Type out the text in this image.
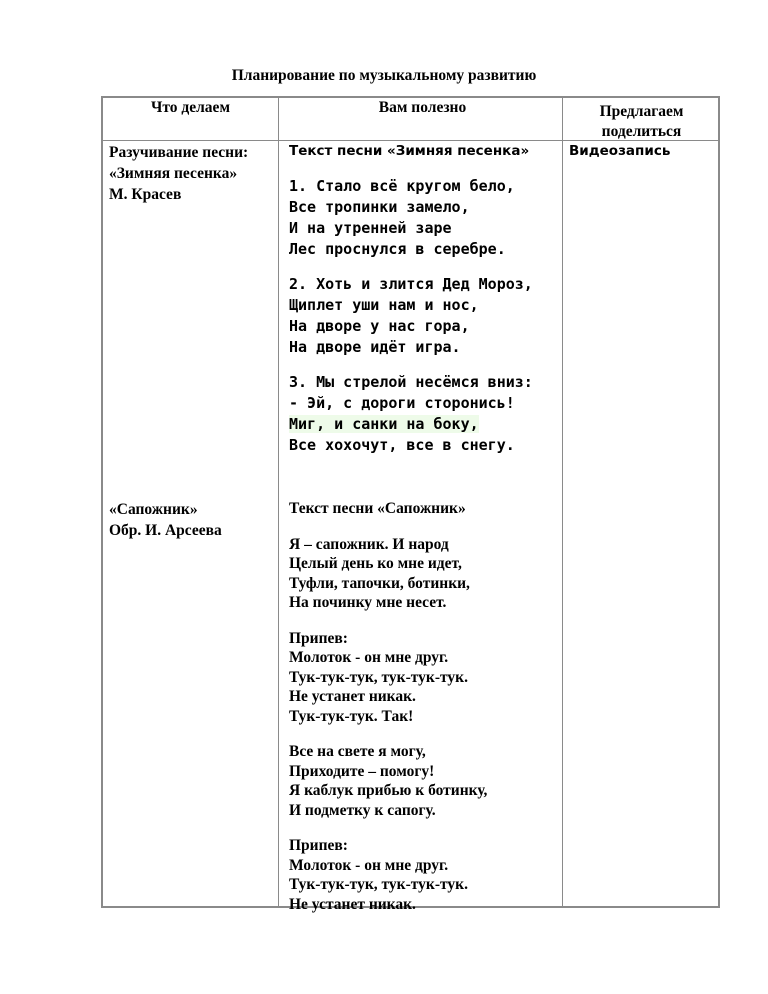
Планирование по музыкальному развитию
Что делаем	Вам полезно	Предлагаем
поделиться
Разучивание песни:
«Зимняя песенка»
М. Красев
Текст песни «Зимняя песенка»
1. Стало всё кругом бело,
Все тропинки замело,
И на утренней заре
Лес проснулся в серебре.
2. Хоть и злится Дед Мороз,
Щиплет уши нам и нос,
На дворе у нас гора,
На дворе идёт игра.
3. Мы стрелой несёмся вниз:
- Эй, с дороги сторонись!
Миг, и санки на боку,
Все хохочут, все в снегу.
Видеозапись
«Сапожник»
Обр. И. Арсеева
Текст песни «Сапожник»
Я – сапожник. И народ
Целый день ко мне идет,
Туфли, тапочки, ботинки,
На починку мне несет.
Припев:
Молоток - он мне друг.
Тук-тук-тук, тук-тук-тук.
Не устанет никак.
Тук-тук-тук. Так!
Все на свете я могу,
Приходите – помогу!
Я каблук прибью к ботинку,
И подметку к сапогу.
Припев:
Молоток - он мне друг.
Тук-тук-тук, тук-тук-тук.
Не устанет никак.
